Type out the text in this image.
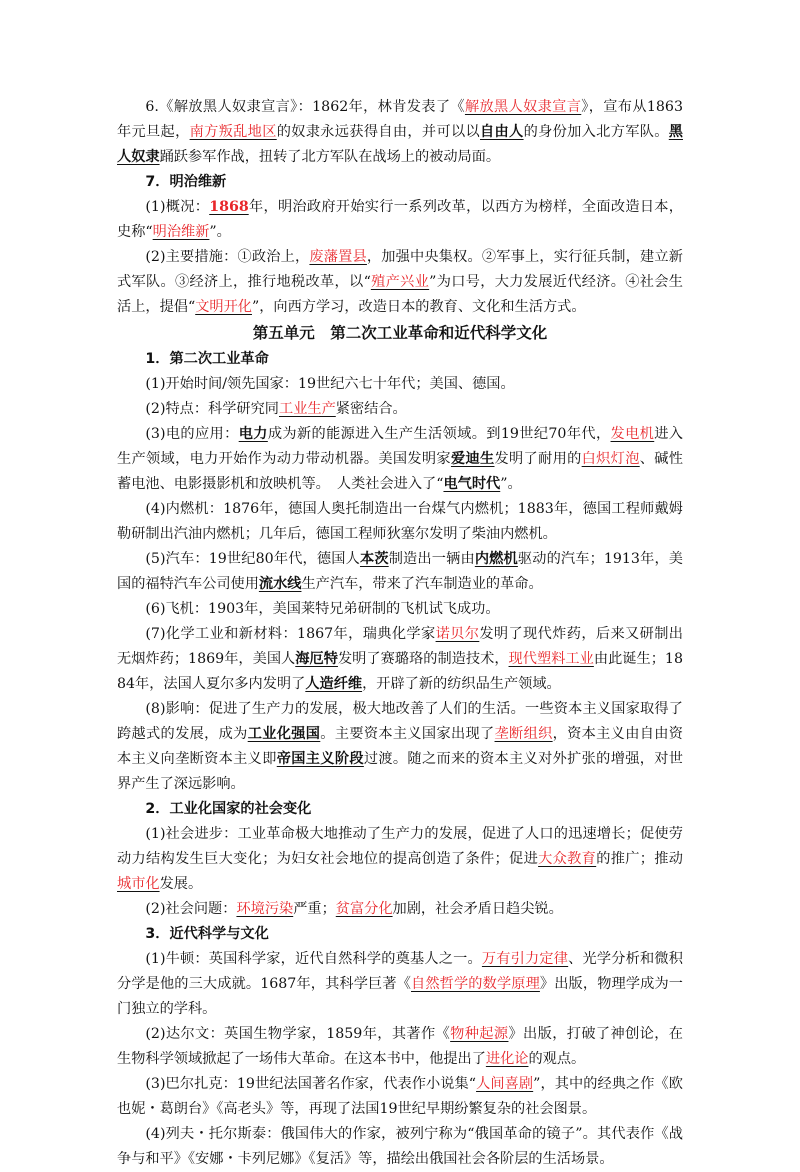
6.《解放黑人奴隶宣言》：1862年，林肯发表了《解放黑人奴隶宣言》，宣布从1863年元旦起，南方叛乱地区的奴隶永远获得自由，并可以以自由人的身份加入北方军队。黑人奴隶踊跃参军作战，扭转了北方军队在战场上的被动局面。

7．明治维新

(1)概况：1868年，明治政府开始实行一系列改革，以西方为榜样，全面改造日本，史称“明治维新”。

(2)主要措施：①政治上，废藩置县，加强中央集权。②军事上，实行征兵制，建立新式军队。③经济上，推行地税改革，以“殖产兴业”为口号，大力发展近代经济。④社会生活上，提倡“文明开化”，向西方学习，改造日本的教育、文化和生活方式。

第五单元　第二次工业革命和近代科学文化

1．第二次工业革命

(1)开始时间/领先国家：19世纪六七十年代；美国、德国。

(2)特点：科学研究同工业生产紧密结合。

(3)电的应用：电力成为新的能源进入生产生活领域。到19世纪70年代，发电机进入生产领域，电力开始作为动力带动机器。美国发明家爱迪生发明了耐用的白炽灯泡、碱性蓄电池、电影摄影机和放映机等。　人类社会进入了“电气时代”。

(4)内燃机：1876年，德国人奥托制造出一台煤气内燃机；1883年，德国工程师戴姆勒研制出汽油内燃机；几年后，德国工程师狄塞尔发明了柴油内燃机。

(5)汽车：19世纪80年代，德国人本茨制造出一辆由内燃机驱动的汽车；1913年，美国的福特汽车公司使用流水线生产汽车，带来了汽车制造业的革命。

(6)飞机：1903年，美国莱特兄弟研制的飞机试飞成功。

(7)化学工业和新材料：1867年，瑞典化学家诺贝尔发明了现代炸药，后来又研制出无烟炸药；1869年，美国人海厄特发明了赛璐珞的制造技术，现代塑料工业由此诞生；1884年，法国人夏尔多内发明了人造纤维，开辟了新的纺织品生产领域。

(8)影响：促进了生产力的发展，极大地改善了人们的生活。一些资本主义国家取得了跨越式的发展，成为工业化强国。主要资本主义国家出现了垄断组织，资本主义由自由资本主义向垄断资本主义即帝国主义阶段过渡。随之而来的资本主义对外扩张的增强，对世界产生了深远影响。

2．工业化国家的社会变化

(1)社会进步：工业革命极大地推动了生产力的发展，促进了人口的迅速增长；促使劳动力结构发生巨大变化；为妇女社会地位的提高创造了条件；促进大众教育的推广；推动城市化发展。

(2)社会问题：环境污染严重；贫富分化加剧，社会矛盾日趋尖锐。

3．近代科学与文化

(1)牛顿：英国科学家，近代自然科学的奠基人之一。万有引力定律、光学分析和微积分学是他的三大成就。1687年，其科学巨著《自然哲学的数学原理》出版，物理学成为一门独立的学科。

(2)达尔文：英国生物学家，1859年，其著作《物种起源》出版，打破了神创论，在生物科学领域掀起了一场伟大革命。在这本书中，他提出了进化论的观点。

(3)巴尔扎克：19世纪法国著名作家，代表作小说集“人间喜剧”，其中的经典之作《欧也妮・葛朗台》《高老头》等，再现了法国19世纪早期纷繁复杂的社会图景。

(4)列夫・托尔斯泰：俄国伟大的作家，被列宁称为“俄国革命的镜子”。其代表作《战争与和平》《安娜・卡列尼娜》《复活》等，描绘出俄国社会各阶层的生活场景。
